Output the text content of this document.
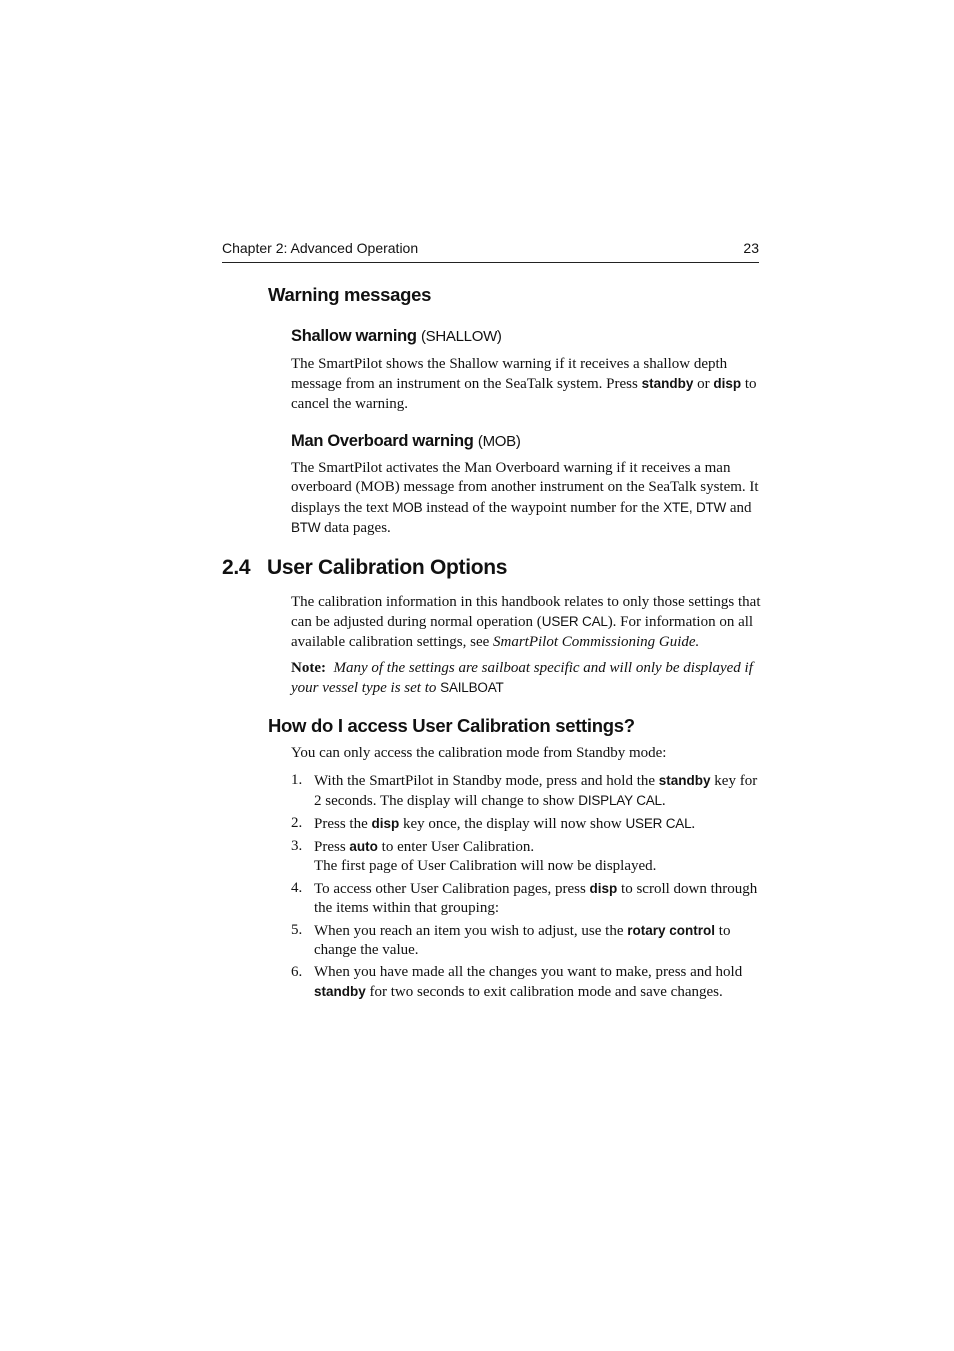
Chapter 2: Advanced Operation	23
Warning messages
Shallow warning (SHALLOW)
The SmartPilot shows the Shallow warning if it receives a shallow depth message from an instrument on the SeaTalk system. Press standby or disp to cancel the warning.
Man Overboard warning (MOB)
The SmartPilot activates the Man Overboard warning if it receives a man overboard (MOB) message from another instrument on the SeaTalk system. It displays the text MOB instead of the waypoint number for the XTE, DTW and BTW data pages.
2.4 User Calibration Options
The calibration information in this handbook relates to only those settings that can be adjusted during normal operation (USER CAL). For information on all available calibration settings, see SmartPilot Commissioning Guide.
Note: Many of the settings are sailboat specific and will only be displayed if your vessel type is set to SAILBOAT
How do I access User Calibration settings?
You can only access the calibration mode from Standby mode:
1. With the SmartPilot in Standby mode, press and hold the standby key for 2 seconds. The display will change to show DISPLAY CAL.
2. Press the disp key once, the display will now show USER CAL.
3. Press auto to enter User Calibration.
The first page of User Calibration will now be displayed.
4. To access other User Calibration pages, press disp to scroll down through the items within that grouping:
5. When you reach an item you wish to adjust, use the rotary control to change the value.
6. When you have made all the changes you want to make, press and hold standby for two seconds to exit calibration mode and save changes.
